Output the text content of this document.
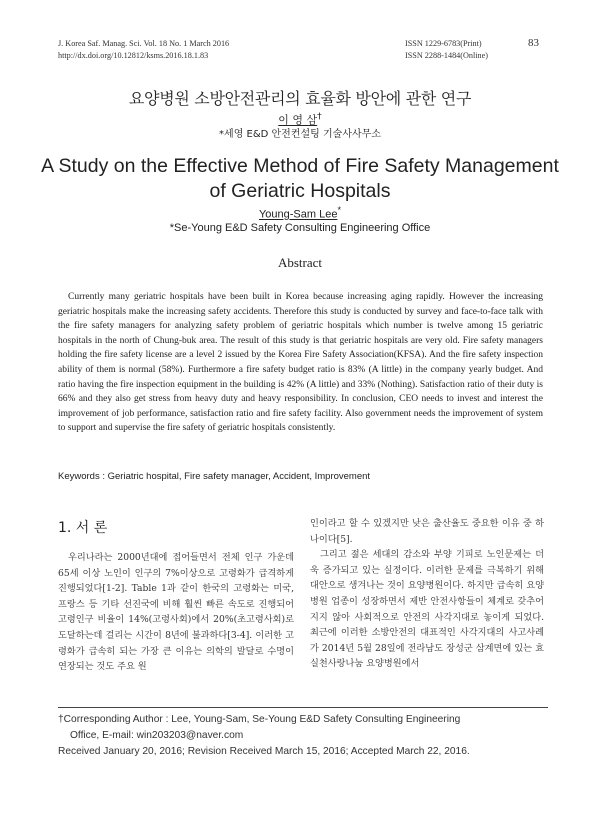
J. Korea Saf. Manag. Sci. Vol. 18 No. 1 March 2016
http://dx.doi.org/10.12812/ksms.2016.18.1.83
ISSN 1229-6783(Print)
ISSN 2288-1484(Online)
83
요양병원 소방안전관리의 효율화 방안에 관한 연구
이 영 삼†
*세영 E&D 안전컨설팅 기술사사무소
A Study on the Effective Method of Fire Safety Management of Geriatric Hospitals
Young-Sam Lee*
*Se-Young E&D Safety Consulting Engineering Office
Abstract

Currently many geriatric hospitals have been built in Korea because increasing aging rapidly. However the increasing geriatric hospitals make the increasing safety accidents. Therefore this study is conducted by survey and face-to-face talk with the fire safety managers for analyzing safety problem of geriatric hospitals which number is twelve among 15 geriatric hospitals in the north of Chung-buk area. The result of this study is that geriatric hospitals are very old. Fire safety managers holding the fire safety license are a level 2 issued by the Korea Fire Safety Association(KFSA). And the fire safety inspection ability of them is normal (58%). Furthermore a fire safety budget ratio is 83% (A little) in the company yearly budget. And ratio having the fire inspection equipment in the building is 42% (A little) and 33% (Nothing). Satisfaction ratio of their duty is 66% and they also get stress from heavy duty and heavy responsibility. In conclusion, CEO needs to invest and interest the improvement of job performance, satisfaction ratio and fire safety facility. Also government needs the improvement of system to support and supervise the fire safety of geriatric hospitals consistently.

Keywords : Geriatric hospital, Fire safety manager, Accident, Improvement
1. 서 론

우리나라는 2000년대에 접어들면서 전체 인구 가운데 65세 이상 노인이 인구의 7%이상으로 고령화가 급격하게 진행되었다[1-2]. Table 1과 같이 한국의 고령화는 미국, 프랑스 등 기타 선진국에 비해 훨씬 빠른 속도로 진행되어 고령인구 비율이 14%(고령사회)에서 20%(초고령사회)로 도달하는데 걸리는 시간이 8년에 불과하다[3-4]. 이러한 고령화가 급속히 되는 가장 큰 이유는 의학의 발달로 수명이 연장되는 것도 주요 원

인이라고 할 수 있겠지만 낮은 출산율도 중요한 이유 중 하나이다[5].

그리고 젊은 세대의 감소와 부양 기피로 노인문제는 더욱 증가되고 있는 실정이다. 이러한 문제를 극복하기 위해 대안으로 생겨나는 것이 요양병원이다. 하지만 급속히 요양병원 업종이 성장하면서 제반 안전사항들이 체계로 갖추어지지 않아 사회적으로 안전의 사각지대로 놓이게 되었다. 최근에 이러한 소방안전의 대표적인 사각지대의 사고사례가 2014년 5월 28일에 전라남도 장성군 삼계면에 있는 효실천사랑나눔 요양병원에서

†Corresponding Author : Lee, Young-Sam, Se-Young E&D Safety Consulting Engineering
Office, E-mail: win203203@naver.com
Received January 20, 2016; Revision Received March 15, 2016; Accepted March 22, 2016.
